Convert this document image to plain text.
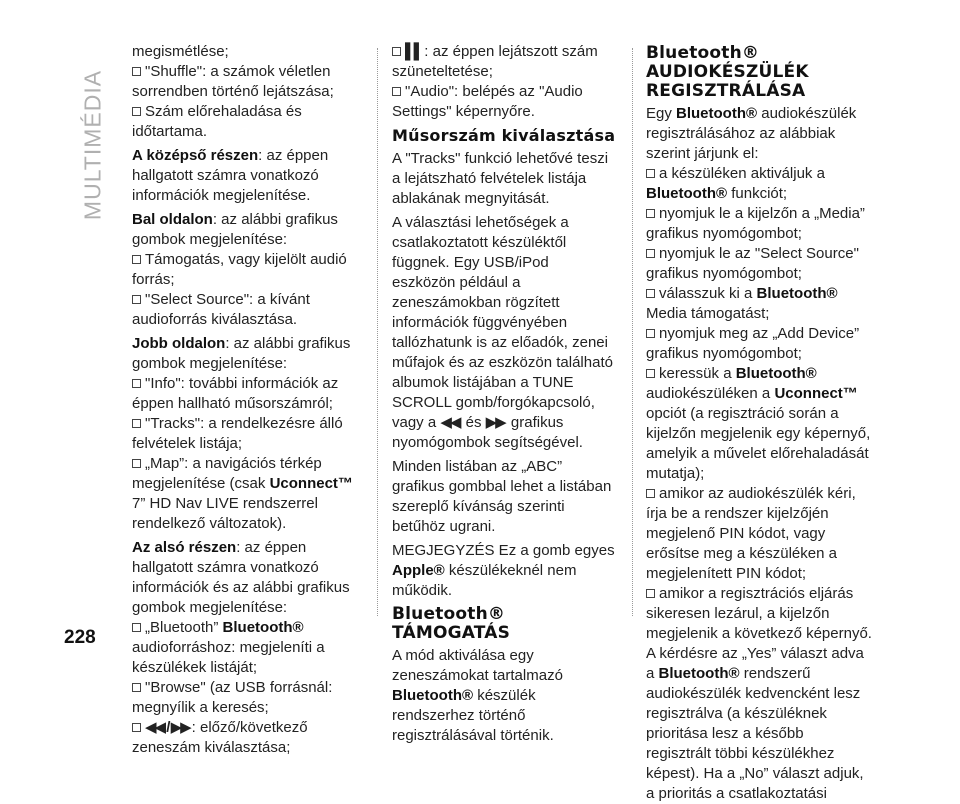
MULTIMÉDIA
228

megismétlése;

"Shuffle": a számok véletlen sorrendben történő lejátszása;

Szám előrehaladása és időtartama.

A középső részen: az éppen hallgatott számra vonatkozó információk megjelenítése.

Bal oldalon: az alábbi grafikus gombok megjelenítése:

Támogatás, vagy kijelölt audió forrás;

"Select Source": a kívánt audioforrás kiválasztása.

Jobb oldalon: az alábbi grafikus gombok megjelenítése:

"Info": további információk az éppen hallható műsorszámról;

"Tracks": a rendelkezésre álló felvételek listája;

„Map”: a navigációs térkép megjelenítése (csak Uconnect™ 7” HD Nav LIVE rendszerrel rendelkező változatok).

Az alsó részen: az éppen hallgatott számra vonatkozó információk és az alábbi grafikus gombok megjelenítése:

„Bluetooth” Bluetooth® audioforráshoz: megjeleníti a készülékek listáját;

"Browse" (az USB forrásnál: megnyílik a keresés;

◀◀ / ▶▶ : előző/következő zeneszám kiválasztása;

▌▌ : az éppen lejátszott szám szüneteltetése;

"Audio": belépés az "Audio Settings" képernyőre.

Műsorszám kiválasztása

A "Tracks" funkció lehetővé teszi a lejátszható felvételek listája ablakának megnyitását.

A választási lehetőségek a csatlakoztatott készüléktől függnek. Egy USB/iPod eszközön például a zeneszámokban rögzített információk függvényében tallózhatunk is az előadók, zenei műfajok és az eszközön található albumok listájában a TUNE SCROLL gomb/forgókapcsoló, vagy a ◀◀ és ▶▶ grafikus nyomógombok segítségével.

Minden listában az „ABC” grafikus gombbal lehet a listában szereplő kívánság szerinti betűhöz ugrani.

MEGJEGYZÉS Ez a gomb egyes Apple® készülékeknél nem működik.

Bluetooth® TÁMOGATÁS

A mód aktiválása egy zeneszámokat tartalmazó Bluetooth® készülék rendszerhez történő regisztrálásával történik.

Bluetooth®
AUDIOKÉSZÜLÉK
REGISZTRÁLÁSA

Egy Bluetooth® audiokészülék regisztrálásához az alábbiak szerint járjunk el:

a készüléken aktiváljuk a Bluetooth® funkciót;

nyomjuk le a kijelzőn a „Media” grafikus nyomógombot;

nyomjuk le az "Select Source" grafikus nyomógombot;

válasszuk ki a Bluetooth® Media támogatást;

nyomjuk meg az „Add Device” grafikus nyomógombot;

keressük a Bluetooth® audiokészüléken a Uconnect™ opciót (a regisztráció során a kijelzőn megjelenik egy képernyő, amelyik a művelet előrehaladását mutatja);

amikor az audiokészülék kéri, írja be a rendszer kijelzőjén megjelenő PIN kódot, vagy erősítse meg a készüléken a megjelenített PIN kódot;

amikor a regisztrációs eljárás sikeresen lezárul, a kijelzőn megjelenik a következő képernyő. A kérdésre az „Yes” választ adva a Bluetooth® rendszerű audiokészülék kedvencként lesz regisztrálva (a készüléknek prioritása lesz a később regisztrált többi készülékhez képest). Ha a „No” választ adjuk, a prioritás a csatlakoztatási
